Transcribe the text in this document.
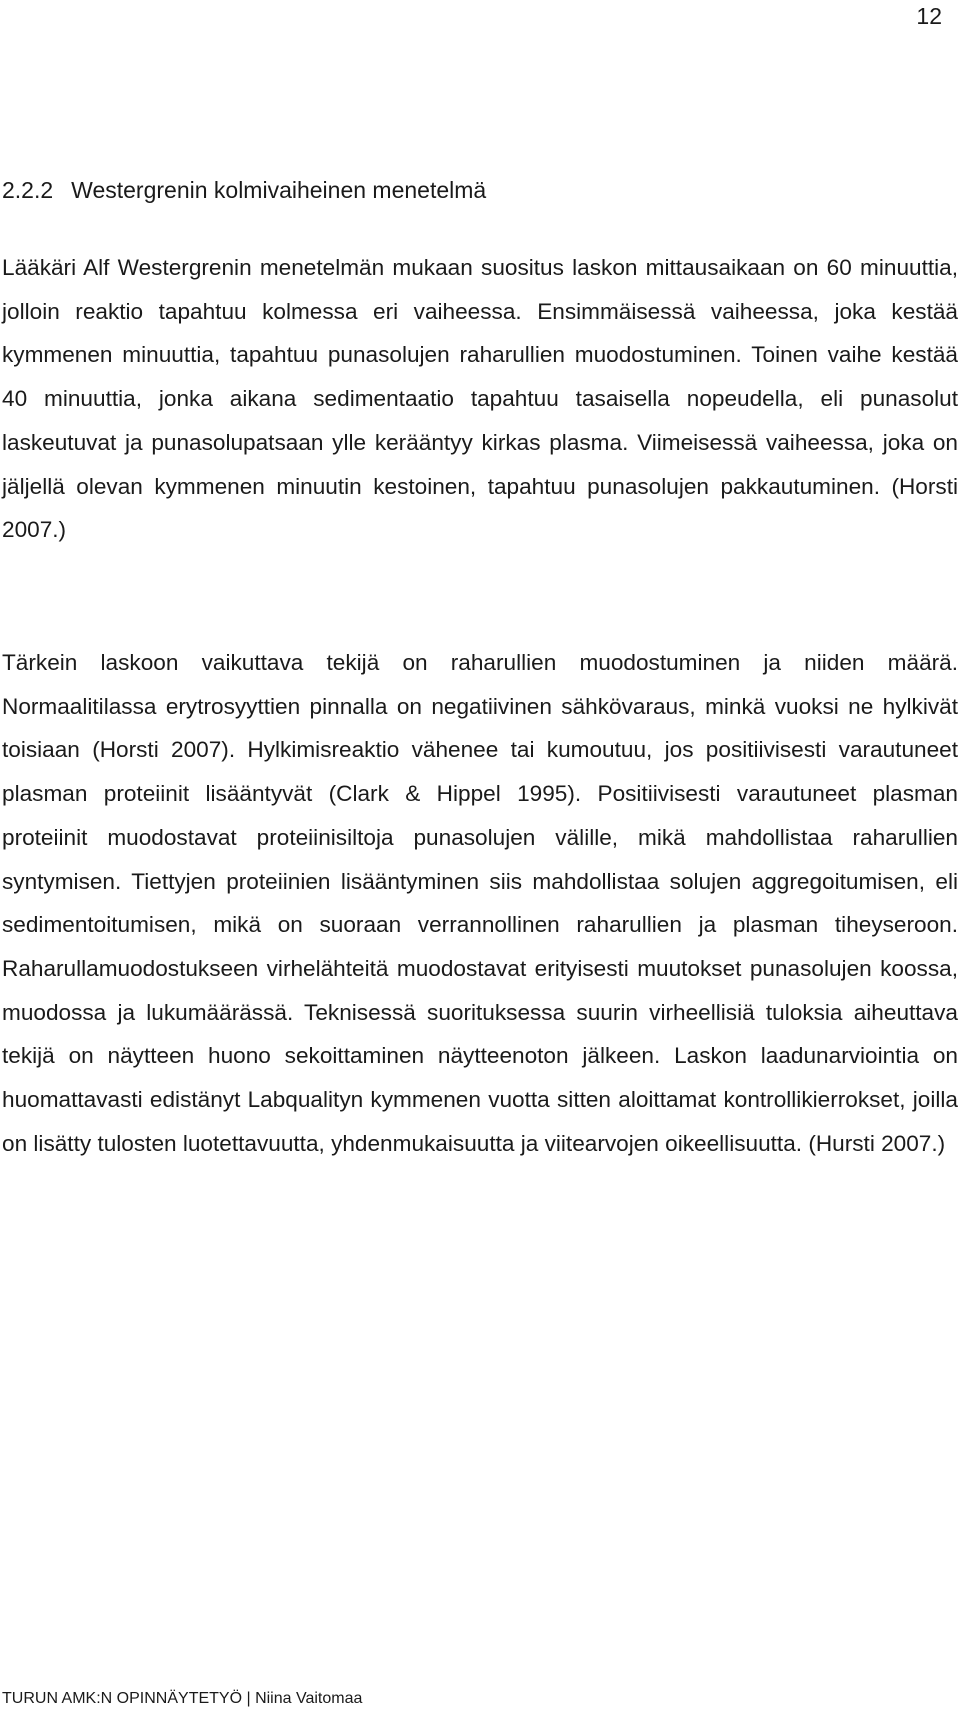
12
2.2.2 Westergrenin kolmivaiheinen menetelmä

Lääkäri Alf Westergrenin menetelmän mukaan suositus laskon mittausaikaan on 60 minuuttia, jolloin reaktio tapahtuu kolmessa eri vaiheessa. Ensimmäisessä vaiheessa, joka kestää kymmenen minuuttia, tapahtuu punasolujen raharullien muodostuminen. Toinen vaihe kestää 40 minuuttia, jonka aikana sedimentaatio tapahtuu tasaisella nopeudella, eli punasolut laskeutuvat ja punasolupatsaan ylle kerääntyy kirkas plasma. Viimeisessä vaiheessa, joka on jäljellä olevan kymmenen minuutin kestoinen, tapahtuu punasolujen pakkautuminen. (Horsti 2007.)

Tärkein laskoon vaikuttava tekijä on raharullien muodostuminen ja niiden määrä. Normaalitilassa erytrosyyttien pinnalla on negatiivinen sähkövaraus, minkä vuoksi ne hylkivät toisiaan (Horsti 2007). Hylkimisreaktio vähenee tai kumoutuu, jos positiivisesti varautuneet plasman proteiinit lisääntyvät (Clark & Hippel 1995). Positiivisesti varautuneet plasman proteiinit muodostavat proteiinisiltoja punasolujen välille, mikä mahdollistaa raharullien syntymisen. Tiettyjen proteiinien lisääntyminen siis mahdollistaa solujen aggregoitumisen, eli sedimentoitumisen, mikä on suoraan verrannollinen raharullien ja plasman tiheyseroon. Raharullamuodostukseen virhelähteitä muodostavat erityisesti muutokset punasolujen koossa, muodossa ja lukumäärässä. Teknisessä suorituksessa suurin virheellisiä tuloksia aiheuttava tekijä on näytteen huono sekoittaminen näytteenoton jälkeen. Laskon laadunarviointia on huomattavasti edistänyt Labqualityn kymmenen vuotta sitten aloittamat kontrollikierrokset, joilla on lisätty tulosten luotettavuutta, yhdenmukaisuutta ja viitearvojen oikeellisuutta. (Hursti 2007.)

TURUN AMK:N OPINNÄYTETYÖ | Niina Vaitomaa
